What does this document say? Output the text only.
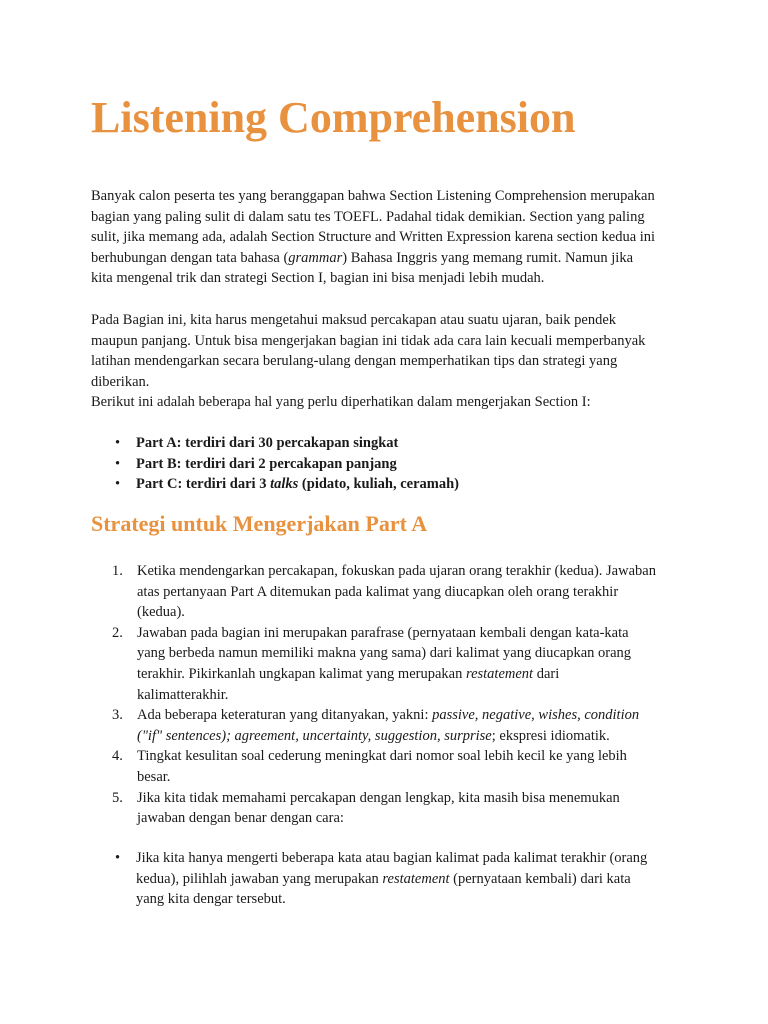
Listening Comprehension

Banyak calon peserta tes yang beranggapan bahwa Section Listening Comprehension merupakan
bagian yang paling sulit di dalam satu tes TOEFL. Padahal tidak demikian. Section yang paling
sulit, jika memang ada, adalah Section Structure and Written Expression karena section kedua ini
berhubungan dengan tata bahasa (grammar) Bahasa Inggris yang memang rumit. Namun jika
kita mengenal trik dan strategi Section I, bagian ini bisa menjadi lebih mudah.

Pada Bagian ini, kita harus mengetahui maksud percakapan atau suatu ujaran, baik pendek
maupun panjang. Untuk bisa mengerjakan bagian ini tidak ada cara lain kecuali memperbanyak
latihan mendengarkan secara berulang-ulang dengan memperhatikan tips dan strategi yang
diberikan.
Berikut ini adalah beberapa hal yang perlu diperhatikan dalam mengerjakan Section I:

• Part A: terdiri dari 30 percakapan singkat
• Part B: terdiri dari 2 percakapan panjang
• Part C: terdiri dari 3 talks (pidato, kuliah, ceramah)
Strategi untuk Mengerjakan Part A
1. Ketika mendengarkan percakapan, fokuskan pada ujaran orang terakhir (kedua). Jawaban
atas pertanyaan Part A ditemukan pada kalimat yang diucapkan oleh orang terakhir
(kedua).
2. Jawaban pada bagian ini merupakan parafrase (pernyataan kembali dengan kata-kata
yang berbeda namun memiliki makna yang sama) dari kalimat yang diucapkan orang
terakhir. Pikirkanlah ungkapan kalimat yang merupakan restatement dari
kalimatterakhir.
3. Ada beberapa keteraturan yang ditanyakan, yakni: passive, negative, wishes, condition
("if" sentences); agreement, uncertainty, suggestion, surprise; ekspresi idiomatik.
4. Tingkat kesulitan soal cederung meningkat dari nomor soal lebih kecil ke yang lebih
besar.
5. Jika kita tidak memahami percakapan dengan lengkap, kita masih bisa menemukan
jawaban dengan benar dengan cara:
• Jika kita hanya mengerti beberapa kata atau bagian kalimat pada kalimat terakhir (orang
kedua), pilihlah jawaban yang merupakan restatement (pernyataan kembali) dari kata
yang kita dengar tersebut.
